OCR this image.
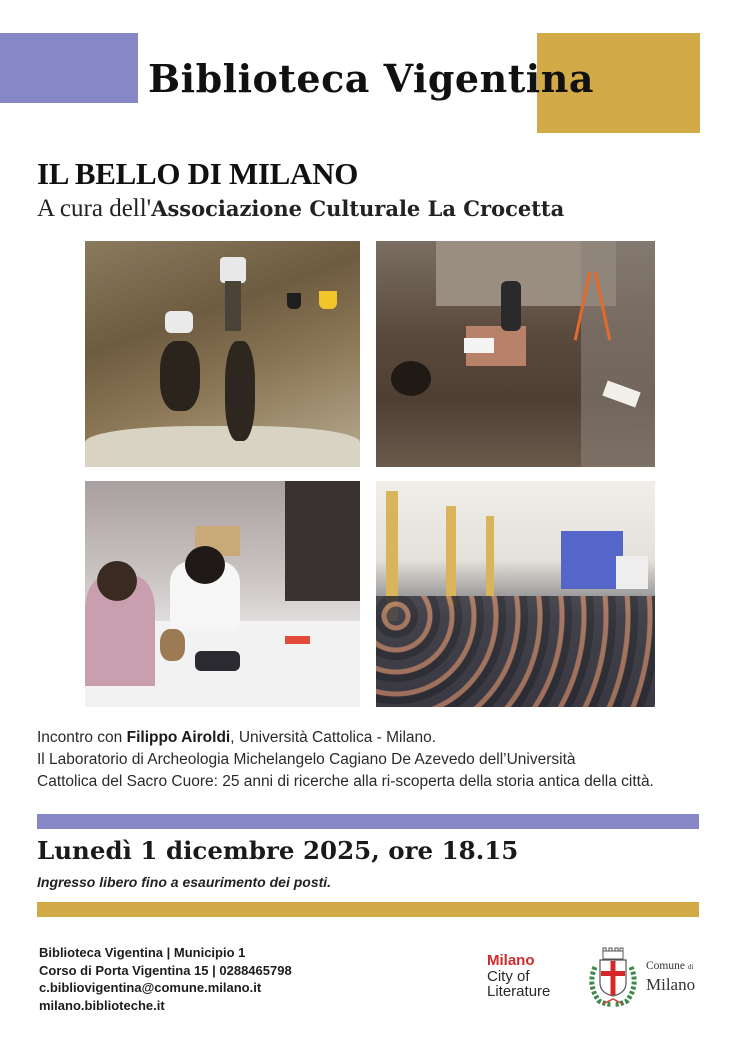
Biblioteca Vigentina
IL BELLO DI MILANO
A cura dell'Associazione Culturale La Crocetta
Incontro con Filippo Airoldi, Università Cattolica - Milano.
Il Laboratorio di Archeologia Michelangelo Cagiano De Azevedo dell’Università
Cattolica del Sacro Cuore: 25 anni di ricerche alla ri-scoperta della storia antica della città.
Lunedì 1 dicembre 2025, ore 18.15
Ingresso libero fino a esaurimento dei posti.
Biblioteca Vigentina | Municipio 1
Corso di Porta Vigentina 15 | 0288465798
c.bibliovigentina@comune.milano.it
milano.biblioteche.it
Milano
City of
Literature
Comune di
Milano
